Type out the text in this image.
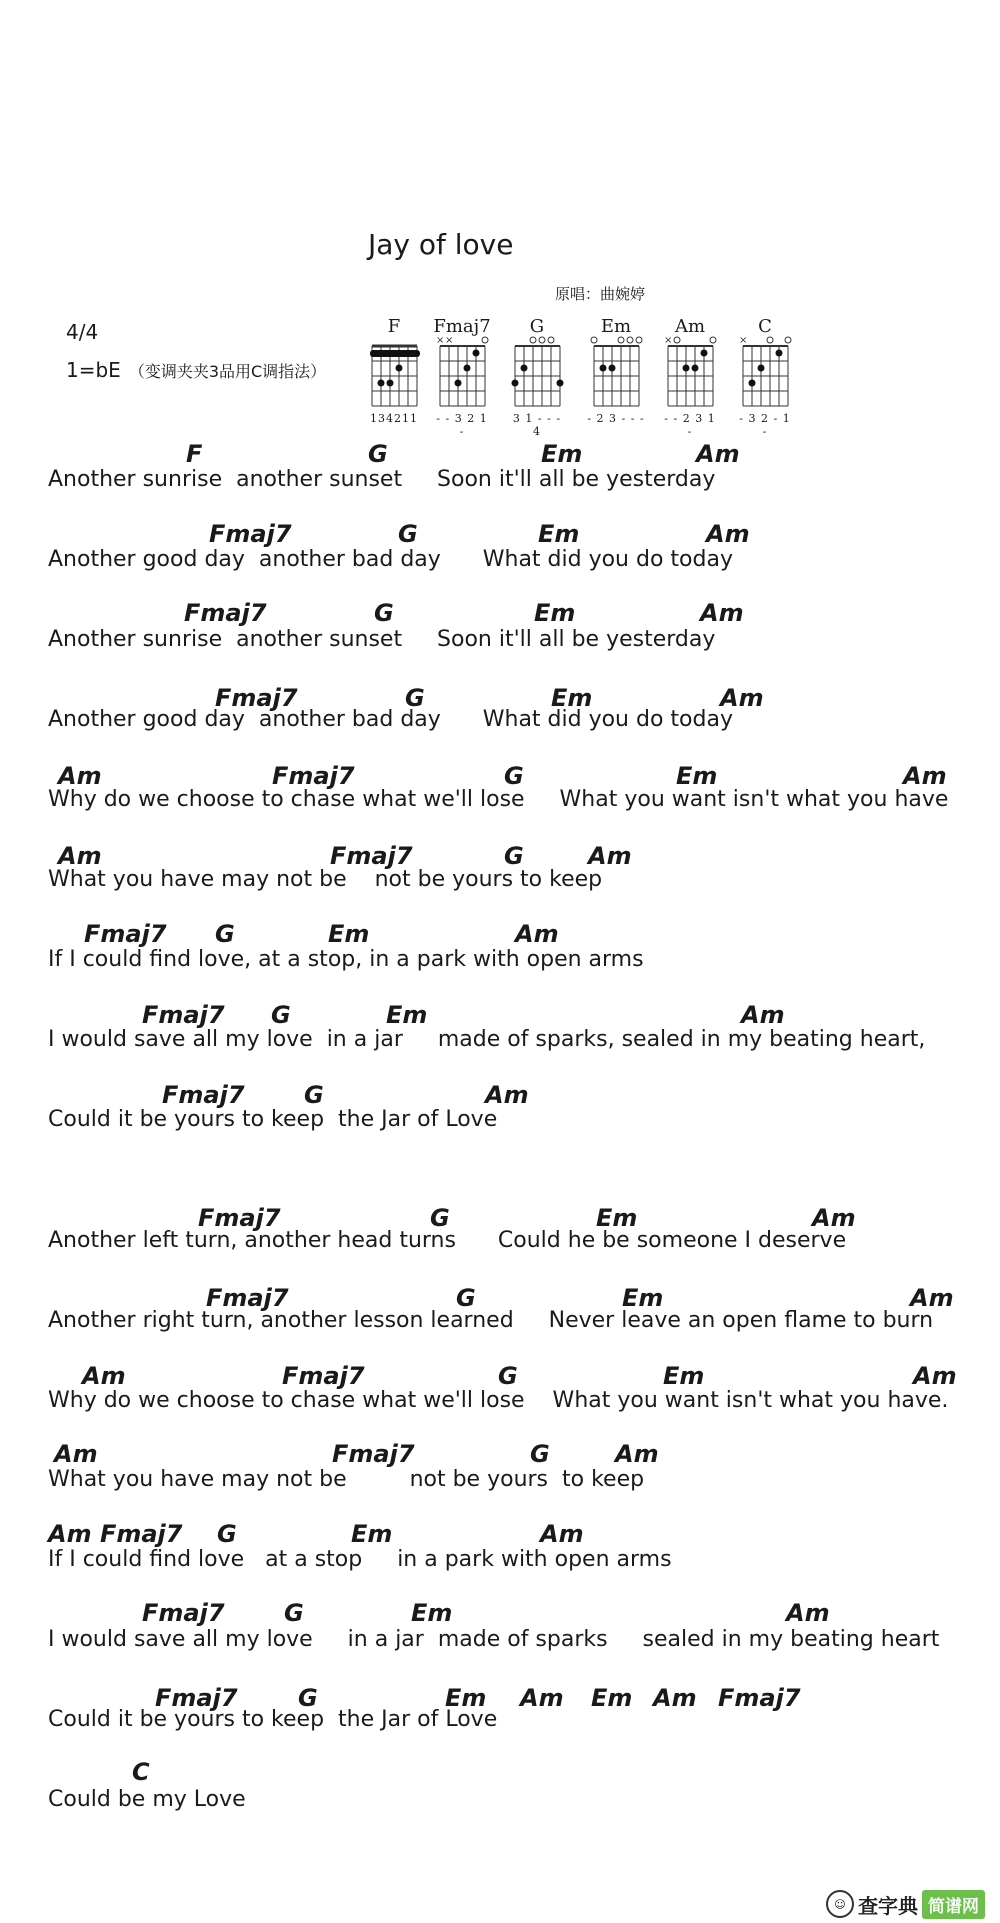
Jay of love
原唱：曲婉婷
4/4
1=bE （变调夹夹3品用C调指法）
F
134211
Fmaj7
× ×
- - 3 2 1 -
G
3 1 - - - 4
Em
- 2 3 - - -
Am
×
- - 2 3 1 -
C
×
- 3 2 - 1 -
F	G	Em	Am
Another sunrise  another sunset     Soon it'll all be yesterday
Fmaj7	G	Em	Am
Another good day  another bad day      What did you do today
Fmaj7	G	Em	Am
Another sunrise  another sunset     Soon it'll all be yesterday
Fmaj7	G	Em	Am
Another good day  another bad day      What did you do today
Am	Fmaj7	G	Em	Am
Why do we choose to chase what we'll lose     What you want isn't what you have
Am	Fmaj7	G	Am
What you have may not be    not be yours to keep
Fmaj7 G	Em	Am
If I could find love, at a stop, in a park with open arms
Fmaj7 G	Em	Am
I would save all my love  in a jar     made of sparks, sealed in my beating heart,
Fmaj7 G	Am
Could it be yours to keep  the Jar of Love
Fmaj7	G	Em	Am
Another left turn, another head turns      Could he be someone I deserve
Fmaj7	G	Em	Am
Another right turn, another lesson learned     Never leave an open flame to burn
Am	Fmaj7	G	Em	Am
Why do we choose to chase what we'll lose    What you want isn't what you have.
Am	Fmaj7	G	Am
What you have may not be         not be yours  to keep
Am Fmaj7 G	Em	Am
If I could find love   at a stop     in a park with open arms
Fmaj7 G	Em	Am
I would save all my love     in a jar  made of sparks     sealed in my beating heart
Fmaj7	G	Em Am Em Am Fmaj7
Could it be yours to keep  the Jar of Love
C
Could be my Love
☺ 查字典 简谱网
